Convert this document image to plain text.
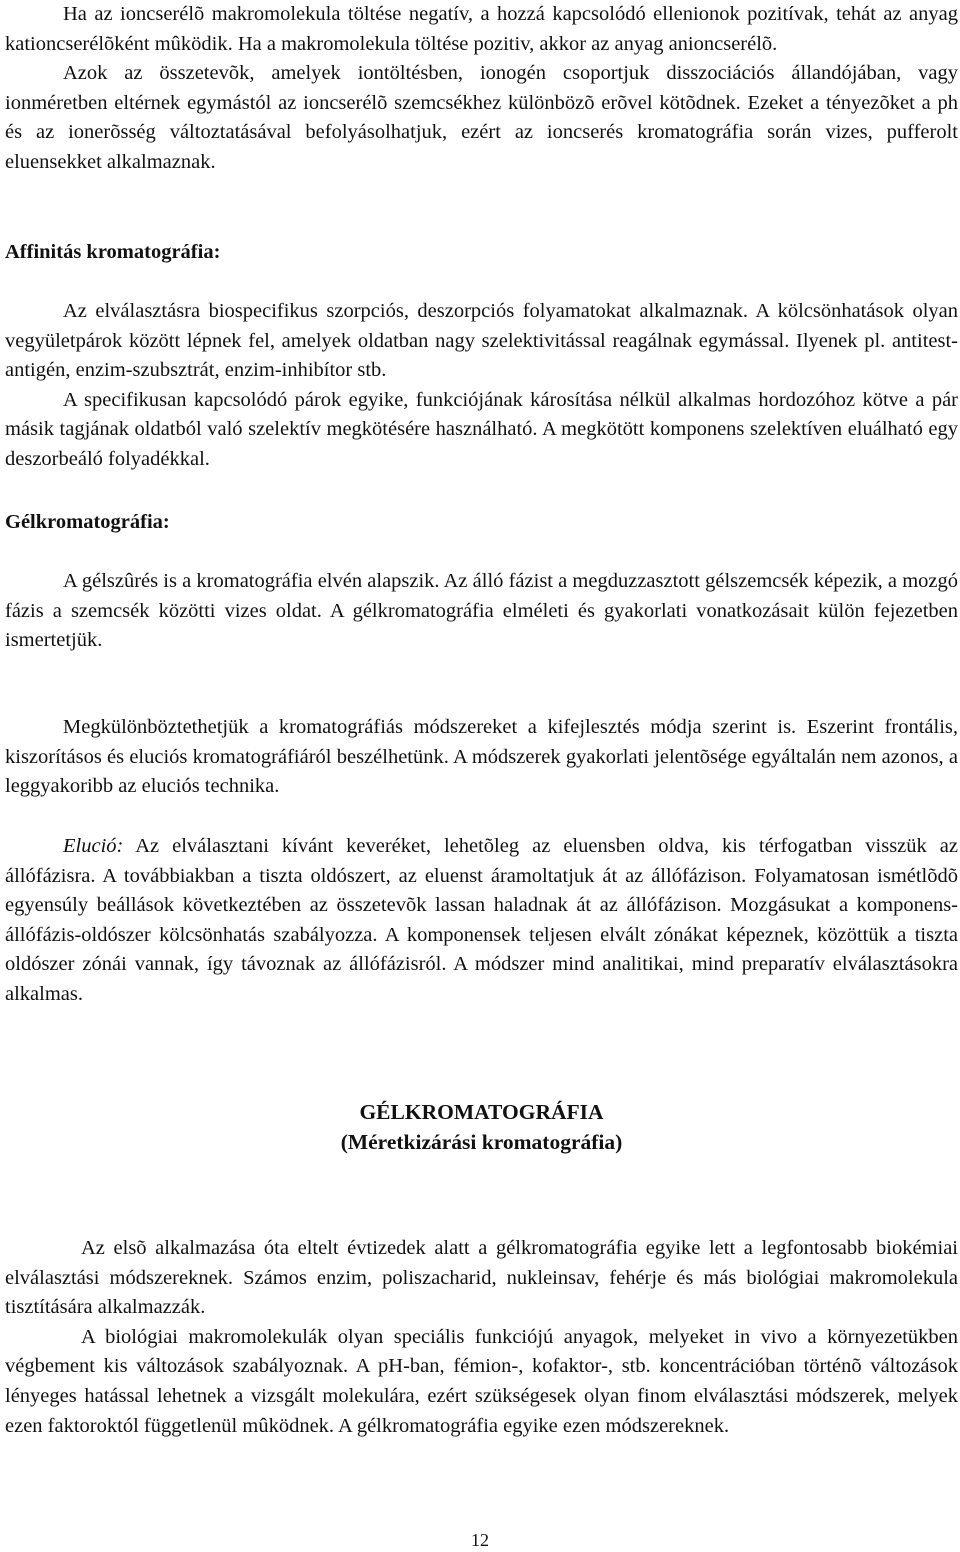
Ha az ioncserélõ makromolekula töltése negatív, a hozzá kapcsolódó ellenionok pozitívak, tehát az anyag kationcserélõként mûködik. Ha a makromolekula töltése pozitiv, akkor az anyag anioncserélõ.

Azok az összetevõk, amelyek iontöltésben, ionogén csoportjuk disszociációs állandójában, vagy ionméretben eltérnek egymástól az ioncserélõ szemcsékhez különbözõ erõvel kötõdnek. Ezeket a tényezõket a ph és az ionerõsség változtatásával befolyásolhatjuk, ezért az ioncserés kromatográfia során vizes, pufferolt eluensekket alkalmaznak.

Affinitás kromatográfia:

Az elválasztásra biospecifikus szorpciós, deszorpciós folyamatokat alkalmaznak. A kölcsönhatások olyan vegyületpárok között lépnek fel, amelyek oldatban nagy szelektivitással reagálnak egymással. Ilyenek pl. antitest-antigén, enzim-szubsztrát, enzim-inhibítor stb.

A specifikusan kapcsolódó párok egyike, funkciójának károsítása nélkül alkalmas hordozóhoz kötve a pár másik tagjának oldatból való szelektív megkötésére használható. A megkötött komponens szelektíven eluálható egy deszorbeáló folyadékkal.

Gélkromatográfia:

A gélszûrés is a kromatográfia elvén alapszik. Az álló fázist a megduzzasztott gélszemcsék képezik, a mozgó fázis a szemcsék közötti vizes oldat. A gélkromatográfia elméleti és gyakorlati vonatkozásait külön fejezetben ismertetjük.

Megkülönböztethetjük a kromatográfiás módszereket a kifejlesztés módja szerint is. Eszerint frontális, kiszorításos és eluciós kromatográfiáról beszélhetünk. A módszerek gyakorlati jelentõsége egyáltalán nem azonos, a leggyakoribb az eluciós technika.

Elució: Az elválasztani kívánt keveréket, lehetõleg az eluensben oldva, kis térfogatban visszük az állófázisra. A továbbiakban a tiszta oldószert, az eluenst áramoltatjuk át az állófázison. Folyamatosan ismétlõdõ egyensúly beállások következtében az összetevõk lassan haladnak át az állófázison. Mozgásukat a komponens-állófázis-oldószer kölcsönhatás szabályozza. A komponensek teljesen elvált zónákat képeznek, közöttük a tiszta oldószer zónái vannak, így távoznak az állófázisról. A módszer mind analitikai, mind preparatív elválasztásokra alkalmas.

GÉLKROMATOGRÁFIA

(Méretkizárási kromatográfia)

Az elsõ alkalmazása óta eltelt évtizedek alatt a gélkromatográfia egyike lett a legfontosabb biokémiai elválasztási módszereknek. Számos enzim, poliszacharid, nukleinsav, fehérje és más biológiai makromolekula tisztítására alkalmazzák.

A biológiai makromolekulák olyan speciális funkciójú anyagok, melyeket in vivo a környezetükben végbement kis változások szabályoznak. A pH-ban, fémion-, kofaktor-, stb. koncentrációban történõ változások lényeges hatással lehetnek a vizsgált molekulára, ezért szükségesek olyan finom elválasztási módszerek, melyek ezen faktoroktól függetlenül mûködnek. A gélkromatográfia egyike ezen módszereknek.

12
